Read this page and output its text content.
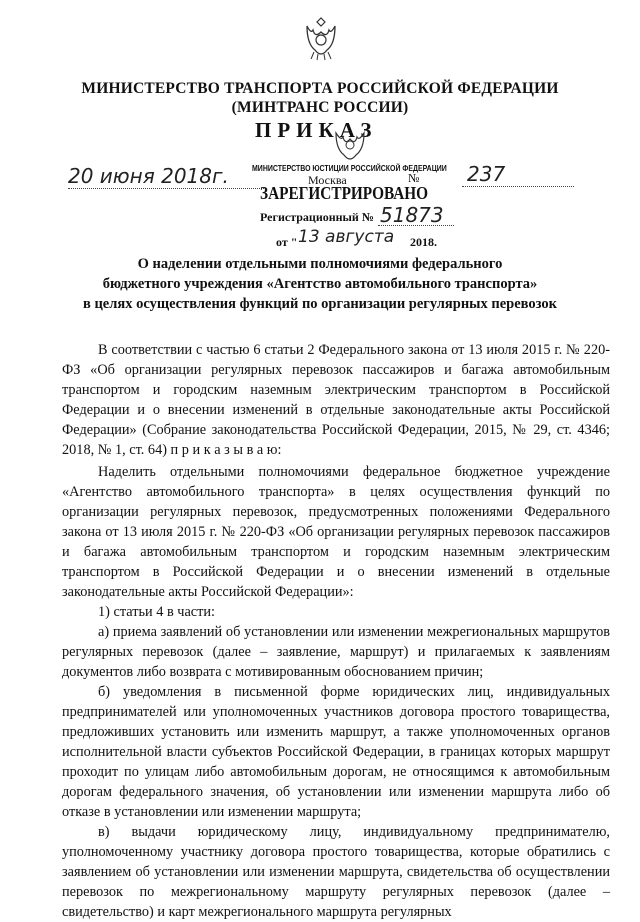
МИНИСТЕРСТВО ТРАНСПОРТА РОССИЙСКОЙ ФЕДЕРАЦИИ
(МИНТРАНС РОССИИ)
ПРИКАЗ
20 июня 2018г.	МИНИСТЕРСТВО ЮСТИЦИИ РОССИЙСКОЙ ФЕДЕРАЦИИ
Москва	№
ЗАРЕГИСТРИРОВАНО
Регистрационный № 51873
от " 13 августа 2018.
237
О наделении отдельными полномочиями федерального
бюджетного учреждения «Агентство автомобильного транспорта»
в целях осуществления функций по организации регулярных перевозок

В соответствии с частью 6 статьи 2 Федерального закона от 13 июля 2015 г. № 220-ФЗ «Об организации регулярных перевозок пассажиров и багажа автомобильным транспортом и городским наземным электрическим транспортом в Российской Федерации и о внесении изменений в отдельные законодательные акты Российской Федерации» (Собрание законодательства Российской Федерации, 2015, № 29, ст. 4346; 2018, № 1, ст. 64) п р и к а з ы в а ю:

Наделить отдельными полномочиями федеральное бюджетное учреждение «Агентство автомобильного транспорта» в целях осуществления функций по организации регулярных перевозок, предусмотренных положениями Федерального закона от 13 июля 2015 г. № 220-ФЗ «Об организации регулярных перевозок пассажиров и багажа автомобильным транспортом и городским наземным электрическим транспортом в Российской Федерации и о внесении изменений в отдельные законодательные акты Российской Федерации»:

1) статьи 4 в части:

а) приема заявлений об установлении или изменении межрегиональных маршрутов регулярных перевозок (далее – заявление, маршрут) и прилагаемых к заявлениям документов либо возврата с мотивированным обоснованием причин;

б) уведомления в письменной форме юридических лиц, индивидуальных предпринимателей или уполномоченных участников договора простого товарищества, предложивших установить или изменить маршрут, а также уполномоченных органов исполнительной власти субъектов Российской Федерации, в границах которых маршрут проходит по улицам либо автомобильным дорогам, не относящимся к автомобильным дорогам федерального значения, об установлении или изменении маршрута либо об отказе в установлении или изменении маршрута;

в) выдачи юридическому лицу, индивидуальному предпринимателю, уполномоченному участнику договора простого товарищества, которые обратились с заявлением об установлении или изменении маршрута, свидетельства об осуществлении перевозок по межрегиональному маршруту регулярных перевозок (далее – свидетельство) и карт межрегионального маршрута регулярных
